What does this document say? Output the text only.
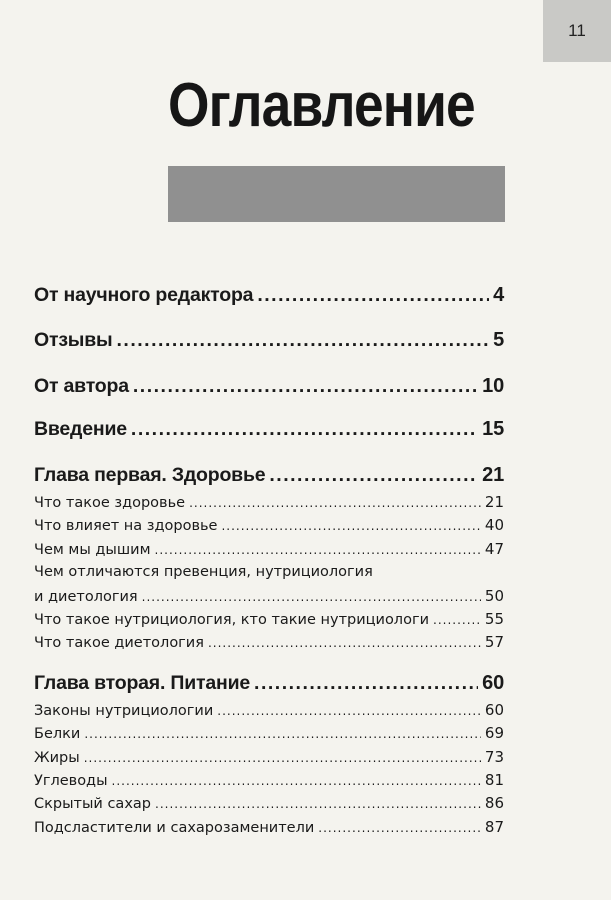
11
Оглавление
От научного редактора .....	4
Отзывы .....	5
От автора .....	10
Введение .....	15
Глава первая. Здоровье .....	21
Что такое здоровье .....	21
Что влияет на здоровье .....	40
Чем мы дышим .....	47
Чем отличаются превенция, нутрициология
и диетология .....	50
Что такое нутрициология, кто такие нутрициологи .....	55
Что такое диетология .....	57
Глава вторая. Питание .....	60
Законы нутрициологии .....	60
Белки .....	69
Жиры .....	73
Углеводы .....	81
Скрытый сахар .....	86
Подсластители и сахарозаменители .....	87
